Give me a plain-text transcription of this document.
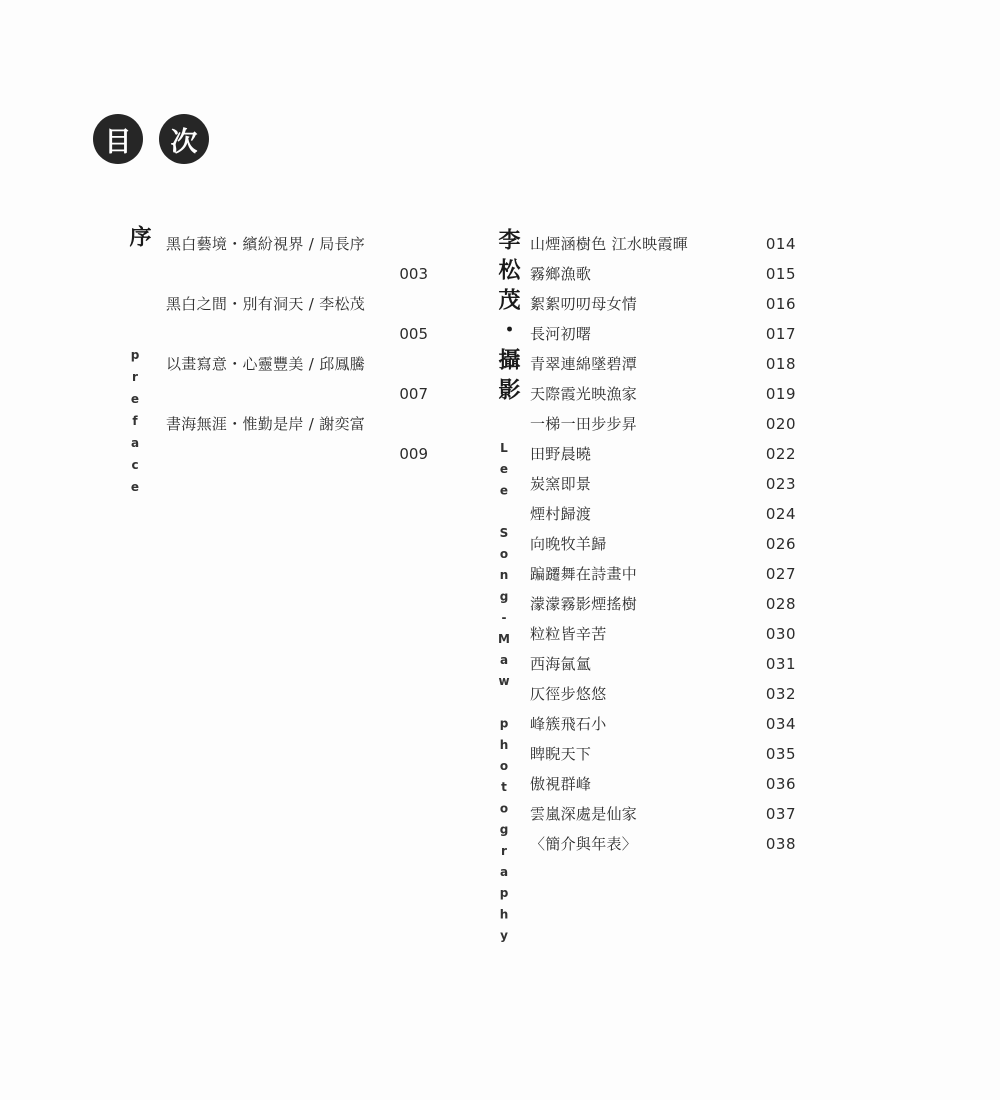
目	次
序
preface
黑白藝境・繽紛視界 / 局長序
003
黑白之間・別有洞天 / 李松茂
005
以畫寫意・心靈豐美 / 邱鳳騰
007
書海無涯・惟勤是岸 / 謝奕富
009
李松茂・攝影
Lee Song-Maw photography
山煙涵樹色 江水映霞暉	014
霧鄉漁歌	015
絮絮叨叨母女情	016
長河初曙	017
青翠連綿墜碧潭	018
天際霞光映漁家	019
一梯一田步步昇	020
田野晨曉	022
炭窯即景	023
煙村歸渡	024
向晚牧羊歸	026
蹁躚舞在詩畫中	027
濛濛霧影煙搖樹	028
粒粒皆辛苦	030
西海氤氳	031
仄徑步悠悠	032
峰簇飛石小	034
睥睨天下	035
傲視群峰	036
雲嵐深處是仙家	037
〈簡介與年表〉	038
